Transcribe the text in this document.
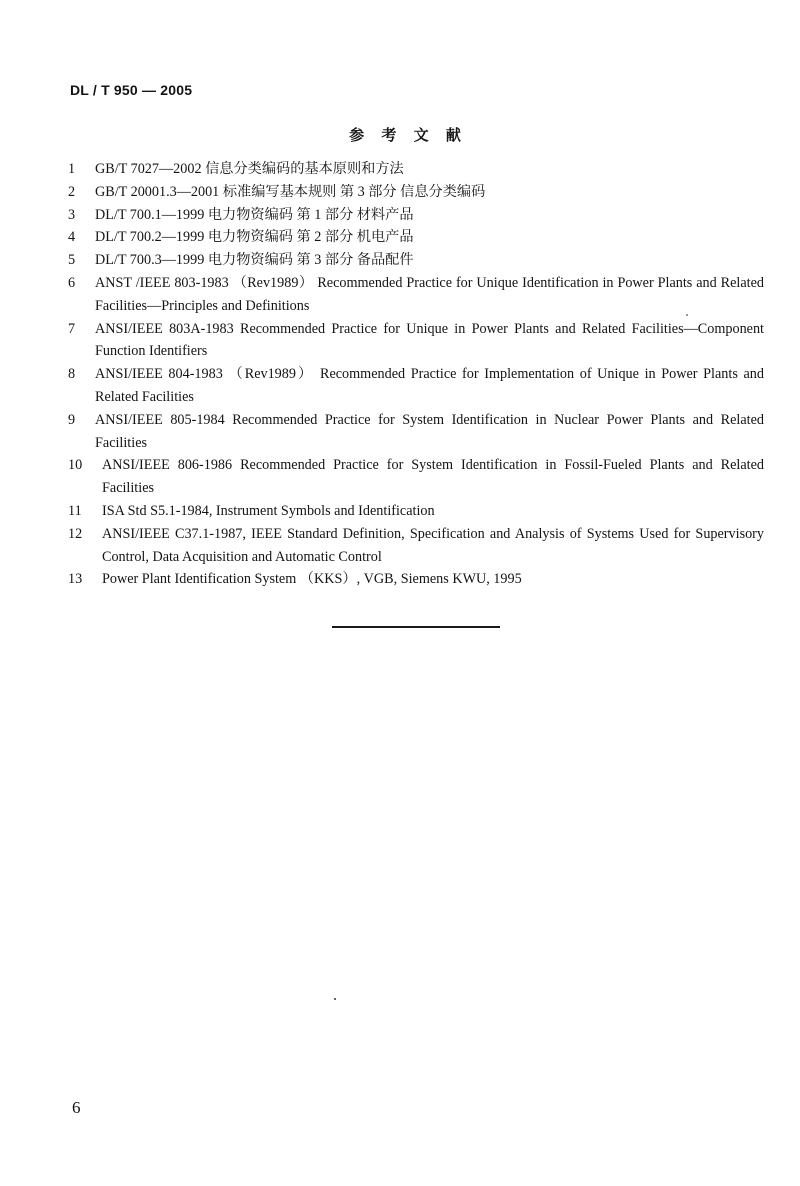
DL / T 950 — 2005
参 考 文 献
1 GB/T 7027—2002 信息分类编码的基本原则和方法
2 GB/T 20001.3—2001 标准编写基本规则 第 3 部分 信息分类编码
3 DL/T 700.1—1999 电力物资编码 第 1 部分 材料产品
4 DL/T 700.2—1999 电力物资编码 第 2 部分 机电产品
5 DL/T 700.3—1999 电力物资编码 第 3 部分 备品配件
6 ANST /IEEE 803-1983 （Rev1989） Recommended Practice for Unique Identification in Power Plants and Related Facilities—Principles and Definitions
7 ANSI/IEEE 803A-1983 Recommended Practice for Unique in Power Plants and Related Facilities—Component Function Identifiers
8 ANSI/IEEE 804-1983 （Rev1989） Recommended Practice for Implementation of Unique in Power Plants and Related Facilities
9 ANSI/IEEE 805-1984 Recommended Practice for System Identification in Nuclear Power Plants and Related Facilities
10 ANSI/IEEE 806-1986 Recommended Practice for System Identification in Fossil-Fueled Plants and Related Facilities
11 ISA Std S5.1-1984, Instrument Symbols and Identification
12 ANSI/IEEE C37.1-1987, IEEE Standard Definition, Specification and Analysis of Systems Used for Supervisory Control, Data Acquisition and Automatic Control
13 Power Plant Identification System （KKS）, VGB, Siemens KWU, 1995
6
